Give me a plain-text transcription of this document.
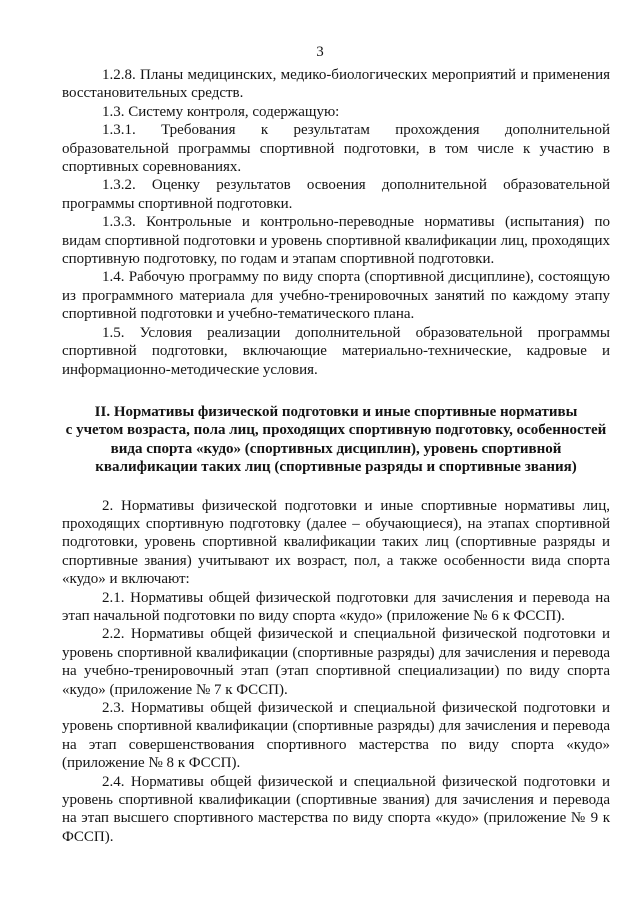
3

1.2.8. Планы медицинских, медико-биологических мероприятий и применения восстановительных средств.

1.3. Систему контроля, содержащую:

1.3.1. Требования к результатам прохождения дополнительной образовательной программы спортивной подготовки, в том числе к участию в спортивных соревнованиях.

1.3.2. Оценку результатов освоения дополнительной образовательной программы спортивной подготовки.

1.3.3. Контрольные и контрольно-переводные нормативы (испытания) по видам спортивной подготовки и уровень спортивной квалификации лиц, проходящих спортивную подготовку, по годам и этапам спортивной подготовки.

1.4. Рабочую программу по виду спорта (спортивной дисциплине), состоящую из программного материала для учебно-тренировочных занятий по каждому этапу спортивной подготовки и учебно-тематического плана.

1.5. Условия реализации дополнительной образовательной программы спортивной подготовки, включающие материально-технические, кадровые и информационно-методические условия.

II. Нормативы физической подготовки и иные спортивные нормативы
с учетом возраста, пола лиц, проходящих спортивную подготовку, особенностей
вида спорта «кудо» (спортивных дисциплин), уровень спортивной
квалификации таких лиц (спортивные разряды и спортивные звания)

2. Нормативы физической подготовки и иные спортивные нормативы лиц, проходящих спортивную подготовку (далее – обучающиеся), на этапах спортивной подготовки, уровень спортивной квалификации таких лиц (спортивные разряды и спортивные звания) учитывают их возраст, пол, а также особенности вида спорта «кудо» и включают:

2.1. Нормативы общей физической подготовки для зачисления и перевода на этап начальной подготовки по виду спорта «кудо» (приложение № 6 к ФССП).

2.2. Нормативы общей физической и специальной физической подготовки и уровень спортивной квалификации (спортивные разряды) для зачисления и перевода на учебно-тренировочный этап (этап спортивной специализации) по виду спорта «кудо» (приложение № 7 к ФССП).

2.3. Нормативы общей физической и специальной физической подготовки и уровень спортивной квалификации (спортивные разряды) для зачисления и перевода на этап совершенствования спортивного мастерства по виду спорта «кудо» (приложение № 8 к ФССП).

2.4. Нормативы общей физической и специальной физической подготовки и уровень спортивной квалификации (спортивные звания) для зачисления и перевода на этап высшего спортивного мастерства по виду спорта «кудо» (приложение № 9 к ФССП).
